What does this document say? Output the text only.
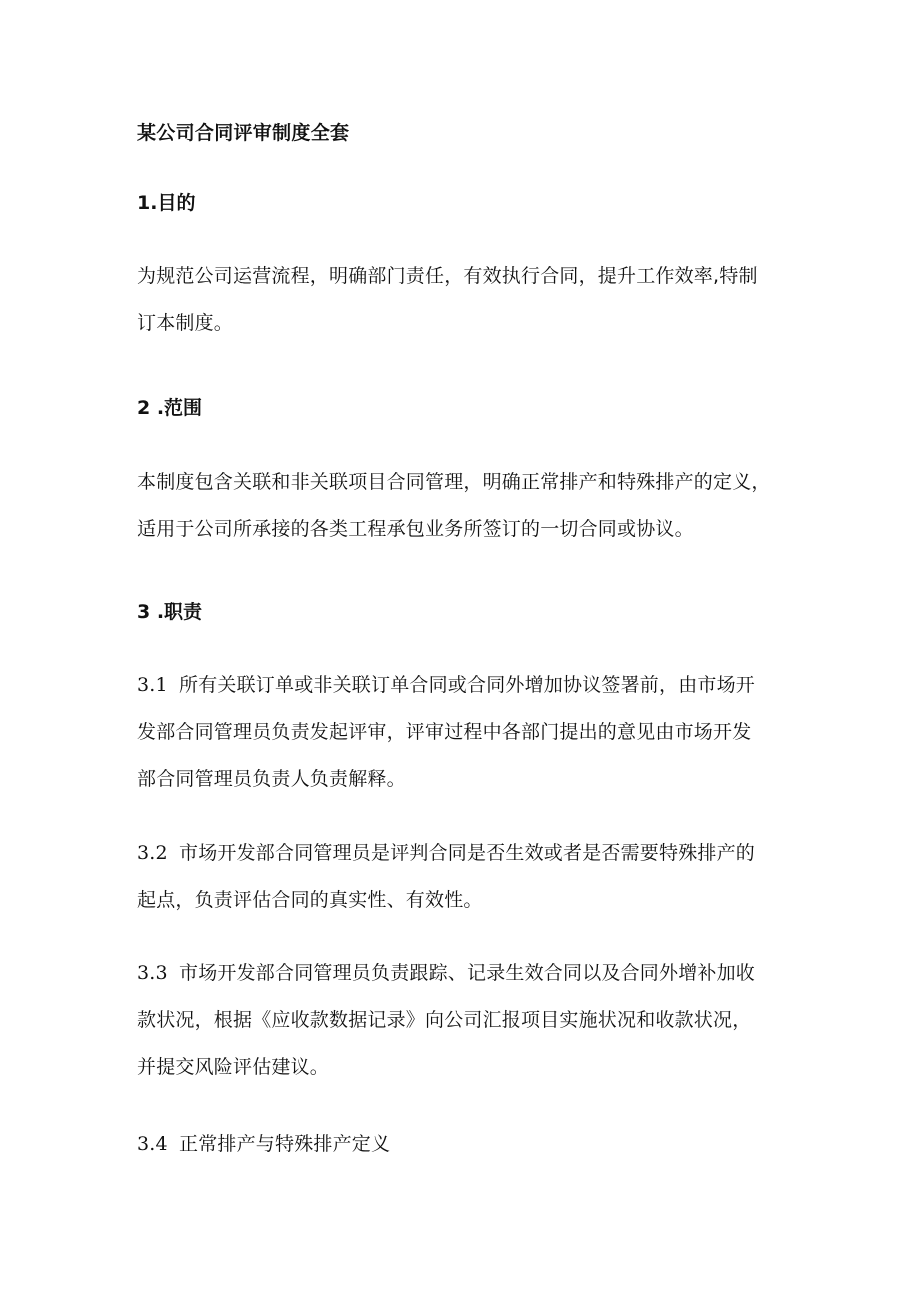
某公司合同评审制度全套
1.目的

为规范公司运营流程，明确部门责任，有效执行合同，提升工作效率,特制
订本制度。

2 .范围

本制度包含关联和非关联项目合同管理，明确正常排产和特殊排产的定义，
适用于公司所承接的各类工程承包业务所签订的一切合同或协议。

3 .职责

3.1 所有关联订单或非关联订单合同或合同外增加协议签署前，由市场开
发部合同管理员负责发起评审，评审过程中各部门提出的意见由市场开发
部合同管理员负责人负责解释。

3.2 市场开发部合同管理员是评判合同是否生效或者是否需要特殊排产的
起点，负责评估合同的真实性、有效性。

3.3 市场开发部合同管理员负责跟踪、记录生效合同以及合同外增补加收
款状况，根据《应收款数据记录》向公司汇报项目实施状况和收款状况，
并提交风险评估建议。

3.4 正常排产与特殊排产定义
